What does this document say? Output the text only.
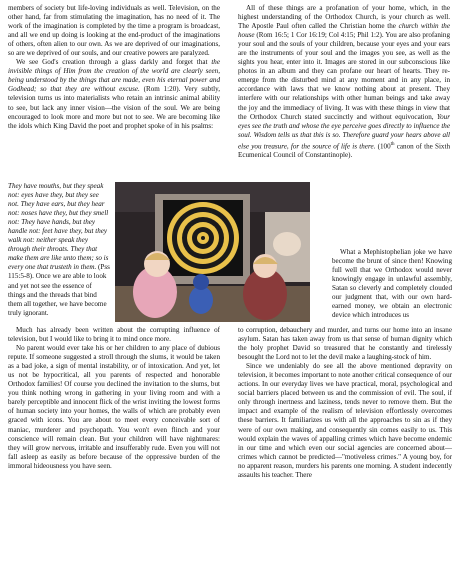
members of society but life-loving individuals as well. Television, on the other hand, far from stimulating the imagination, has no need of it. The work of the imagination is completed by the time a program is broadcast, and all we end up doing is looking at the end-product of the imaginations of others, often alien to our own. As we are deprived of our imaginations, so are we deprived of our souls, and our creative powers are paralyzed.

We see God's creation through a glass darkly and forget that the invisible things of Him from the creation of the world are clearly seen, being understood by the things that are made, even his eternal power and Godhead; so that they are without excuse. (Rom 1:20). Very subtly, television turns us into materialists who retain an intrinsic animal ability to see, but lack any inner vision—the vision of the soul. We are being encouraged to look more and more but not to see. We are becoming like the idols which King David the poet and prophet spoke of in his psalms:

They have mouths, but they speak not: eyes have they, but they see not. They have ears, but they hear not: noses have they, but they smell not: They have hands, but they handle not: feet have they, but they walk not: neither speak they through their throats. They that make them are like unto them; so is every one that trusteth in them. (Pss 115:5-8). Once we are able to look and yet not see the essence of things and the threads that bind them all together, we have become truly ignorant.

All of these things are a profanation of your home, which, in the highest understanding of the Orthodox Church, is your church as well. The Apostle Paul often called the Christian home the church within the house (Rom 16:5; 1 Cor 16:19; Col 4:15; Phil 1:2). You are also profaning your soul and the souls of your children, because your eyes and your ears are the instruments of your soul and the images you see, as well as the sights you hear, enter into it. Images are stored in our subconscious like photos in an album and they can profane our heart of hearts. They re-emerge from the disturbed mind at any moment and in any place, in accordance with laws that we know nothing about at present. They interfere with our relationships with other human beings and take away the joy and the immediacy of living. It was with these things in view that the Orthodox Church stated succinctly and without equivocation, Your eyes see the truth and whose the eye perceive goes directly to influence the soul. Wisdom tells us that this is so. Therefore guard your hears above all else you treasure, for the source of life is there. (100th canon of the Sixth Ecumenical Council of Constantinople).

What a Mephistophelian joke we have become the brunt of since then! Knowing full well that we Orthodox would never knowingly engage in unlawful assembly, Satan so cleverly and completely clouded our judgment that, with our own hard-earned money, we obtain an electronic device which introduces us

Much has already been written about the corrupting influence of television, but I would like to bring it to mind once more.

No parent would ever take his or her children to any place of dubious repute. If someone suggested a stroll through the slums, it would be taken as a bad joke, a sign of mental instability, or of intoxication. And yet, let us not be hypocritical, all you parents of respected and honorable Orthodox families! Of course you declined the invitation to the slums, but you think nothing wrong in gathering in your living room and with a barely perceptible and innocent flick of the wrist inviting the lowest forms of human society into your homes, the walls of which are probably even graced with icons. You are about to meet every conceivable sort of maniac, murderer and psychopath. You won't even flinch and your conscience will remain clean. But your children will have nightmares: they will grow nervous, irritable and insufferably rude. Even you will not fall asleep as easily as before because of the oppressive burden of the immoral hideousness you have seen.

to corruption, debauchery and murder, and turns our home into an insane asylum. Satan has taken away from us that sense of human dignity which the holy prophet David so treasured that he constantly and tirelessly besought the Lord not to let the devil make a laughing-stock of him.

Since we undeniably do see all the above mentioned depravity on television, it becomes important to note another critical consequence of our actions. In our everyday lives we have practical, moral, psychological and social barriers placed between us and the commission of evil. The soul, if only through inertness and laziness, tends never to remove them. But the impact and example of the realism of television effortlessly overcomes these barriers. It familiarizes us with all the approaches to sin as if they were of our own making, and consequently sin comes easily to us. This would explain the waves of appalling crimes which have become endemic in our time and which even our social agencies are concerned about—crimes which cannot be predicted—"motiveless crimes." A young boy, for no apparent reason, murders his parents one morning. A student indecently assaults his teacher. There
